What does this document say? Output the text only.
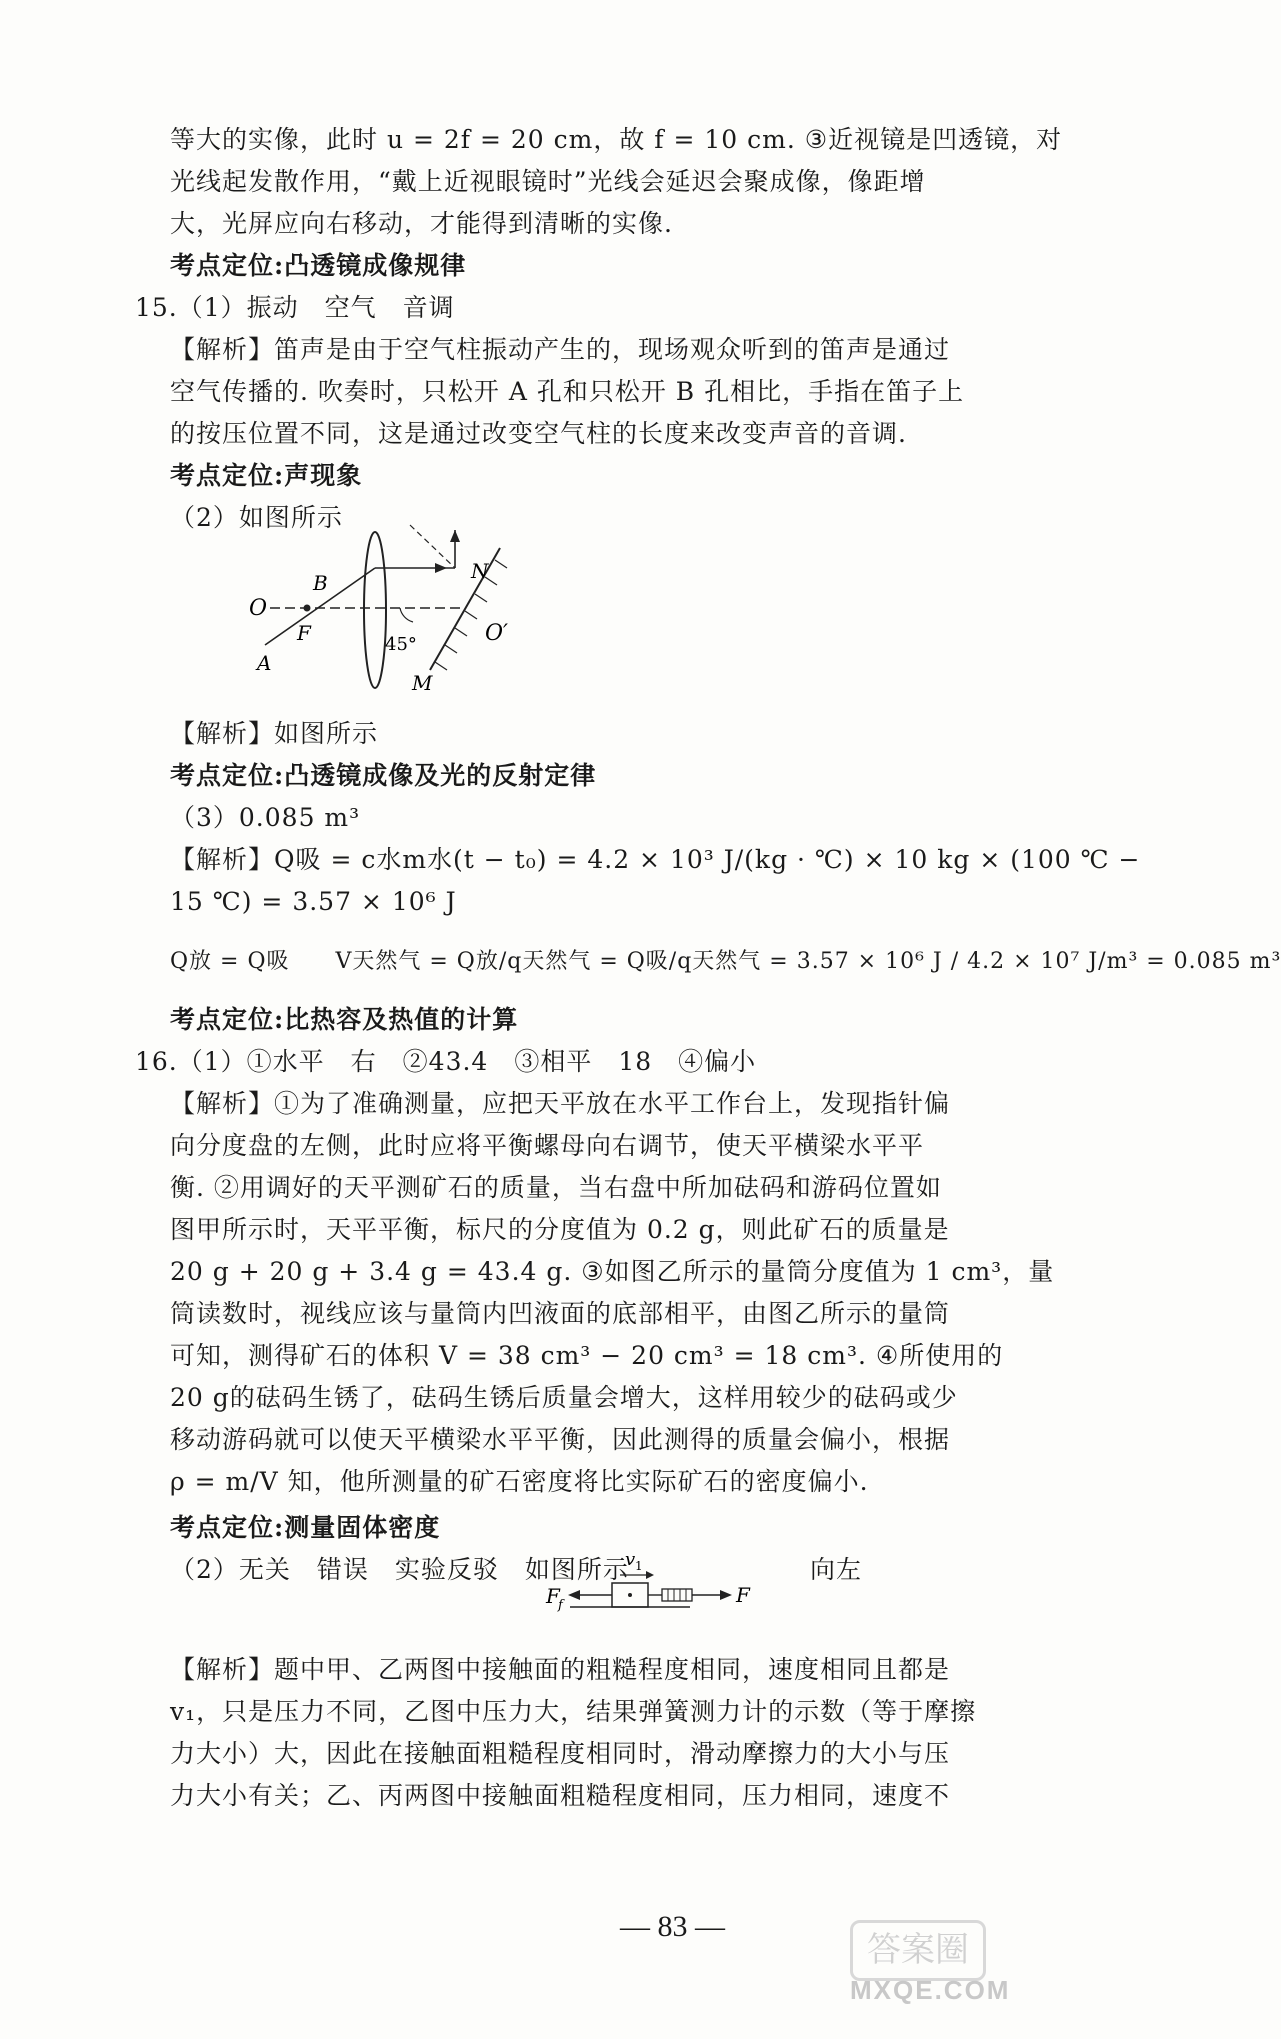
等大的实像，此时 u = 2f = 20 cm，故 f = 10 cm. ③近视镜是凹透镜，对
光线起发散作用，“戴上近视眼镜时”光线会延迟会聚成像，像距增
大，光屏应向右移动，才能得到清晰的实像.
考点定位:凸透镜成像规律
15.（1）振动　空气　音调
【解析】笛声是由于空气柱振动产生的，现场观众听到的笛声是通过
空气传播的. 吹奏时，只松开 A 孔和只松开 B 孔相比，手指在笛子上
的按压位置不同，这是通过改变空气柱的长度来改变声音的音调.
考点定位:声现象
（2）如图所示
O
B
F
A
N
O′
45°
M
【解析】如图所示
考点定位:凸透镜成像及光的反射定律
（3）0.085 m³
【解析】Q吸 = c水m水(t − t₀) = 4.2 × 10³ J/(kg · ℃) × 10 kg × (100 ℃ −
15 ℃) = 3.57 × 10⁶ J
Q放 = Q吸　　V天然气 = Q放/q天然气 = Q吸/q天然气 = 3.57 × 10⁶ J / 4.2 × 10⁷ J/m³ = 0.085 m³
考点定位:比热容及热值的计算
16.（1）①水平　右　②43.4　③相平　18　④偏小
【解析】①为了准确测量，应把天平放在水平工作台上，发现指针偏
向分度盘的左侧，此时应将平衡螺母向右调节，使天平横梁水平平
衡. ②用调好的天平测矿石的质量，当右盘中所加砝码和游码位置如
图甲所示时，天平平衡，标尺的分度值为 0.2 g，则此矿石的质量是
20 g + 20 g + 3.4 g = 43.4 g. ③如图乙所示的量筒分度值为 1 cm³，量
筒读数时，视线应该与量筒内凹液面的底部相平，由图乙所示的量筒
可知，测得矿石的体积 V = 38 cm³ − 20 cm³ = 18 cm³. ④所使用的
20 g的砝码生锈了，砝码生锈后质量会增大，这样用较少的砝码或少
移动游码就可以使天平横梁水平平衡，因此测得的质量会偏小，根据
ρ = m/V 知，他所测量的矿石密度将比实际矿石的密度偏小.
考点定位:测量固体密度
（2）无关　错误　实验反驳　如图所示	向左
v 1
F
f	F
【解析】题中甲、乙两图中接触面的粗糙程度相同，速度相同且都是
v₁，只是压力不同，乙图中压力大，结果弹簧测力计的示数（等于摩擦
力大小）大，因此在接触面粗糙程度相同时，滑动摩擦力的大小与压
力大小有关；乙、丙两图中接触面粗糙程度相同，压力相同，速度不
— 83 —
答案圈
MXQE.COM
